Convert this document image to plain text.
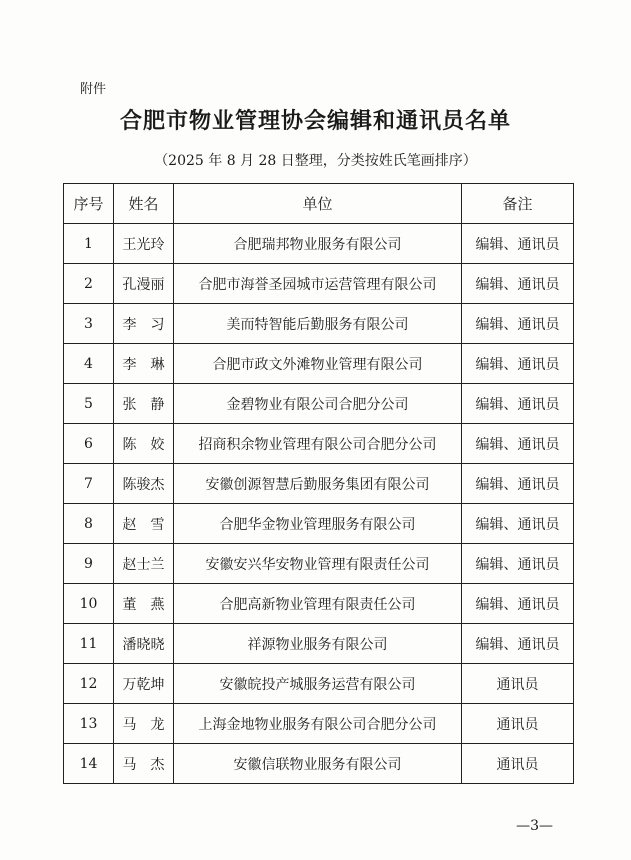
附件
合肥市物业管理协会编辑和通讯员名单
（2025 年 8 月 28 日整理，分类按姓氏笔画排序）
序号	姓名	单位	备注
1	王光玲	合肥瑞邦物业服务有限公司	编辑、通讯员
2	孔漫丽	合肥市海誉圣园城市运营管理有限公司	编辑、通讯员
3	李　习	美而特智能后勤服务有限公司	编辑、通讯员
4	李　琳	合肥市政文外滩物业管理有限公司	编辑、通讯员
5	张　静	金碧物业有限公司合肥分公司	编辑、通讯员
6	陈　姣	招商积余物业管理有限公司合肥分公司	编辑、通讯员
7	陈骏杰	安徽创源智慧后勤服务集团有限公司	编辑、通讯员
8	赵　雪	合肥华金物业管理服务有限公司	编辑、通讯员
9	赵士兰	安徽安兴华安物业管理有限责任公司	编辑、通讯员
10	董　燕	合肥高新物业管理有限责任公司	编辑、通讯员
11	潘晓晓	祥源物业服务有限公司	编辑、通讯员
12	万乾坤	安徽皖投产城服务运营有限公司	通讯员
13	马　龙	上海金地物业服务有限公司合肥分公司	通讯员
14	马　杰	安徽信联物业服务有限公司	通讯员
—3—
